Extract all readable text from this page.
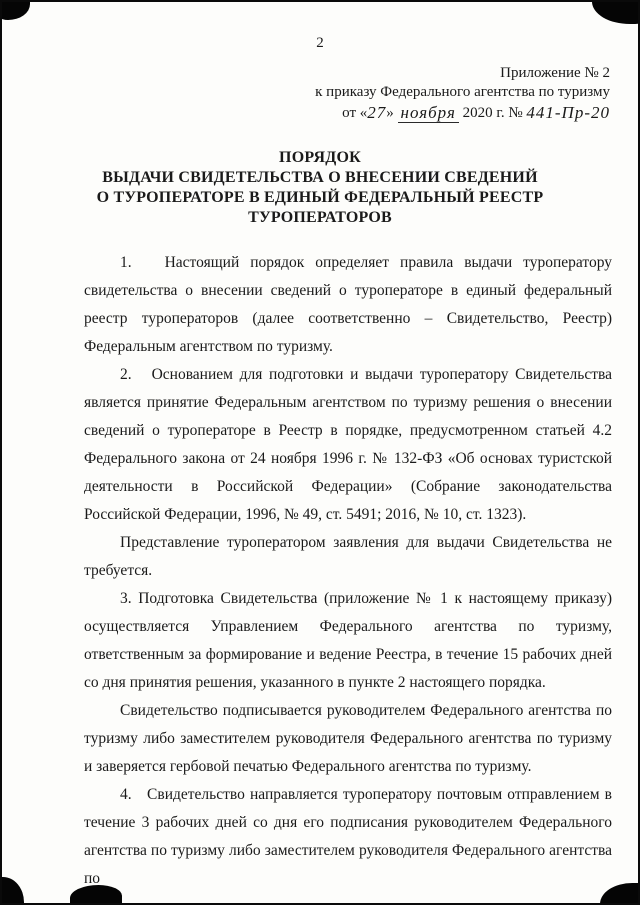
2
Приложение № 2
к приказу Федерального агентства по туризму
от «27» ноября 2020 г. № 441-Пр-20
ПОРЯДОК
ВЫДАЧИ СВИДЕТЕЛЬСТВА О ВНЕСЕНИИ СВЕДЕНИЙ
О ТУРОПЕРАТОРЕ В ЕДИНЫЙ ФЕДЕРАЛЬНЫЙ РЕЕСТР
ТУРОПЕРАТОРОВ

1.   Настоящий порядок определяет правила выдачи туроператору свидетельства о внесении сведений о туроператоре в единый федеральный реестр туроператоров (далее соответственно – Свидетельство, Реестр) Федеральным агентством по туризму.

2.   Основанием для подготовки и выдачи туроператору Свидетельства является принятие Федеральным агентством по туризму решения о внесении сведений о туроператоре в Реестр в порядке, предусмотренном статьей 4.2 Федерального закона от 24 ноября 1996 г. № 132-ФЗ «Об основах туристской деятельности в Российской Федерации» (Собрание законодательства Российской Федерации, 1996, № 49, ст. 5491; 2016, № 10, ст. 1323).

Представление туроператором заявления для выдачи Свидетельства не требуется.

3. Подготовка Свидетельства (приложение № 1 к настоящему приказу) осуществляется Управлением Федерального агентства по туризму, ответственным за формирование и ведение Реестра, в течение 15 рабочих дней со дня принятия решения, указанного в пункте 2 настоящего порядка.

Свидетельство подписывается руководителем Федерального агентства по туризму либо заместителем руководителя Федерального агентства по туризму и заверяется гербовой печатью Федерального агентства по туризму.

4.   Свидетельство направляется туроператору почтовым отправлением в течение 3 рабочих дней со дня его подписания руководителем Федерального агентства по туризму либо заместителем руководителя Федерального агентства по
